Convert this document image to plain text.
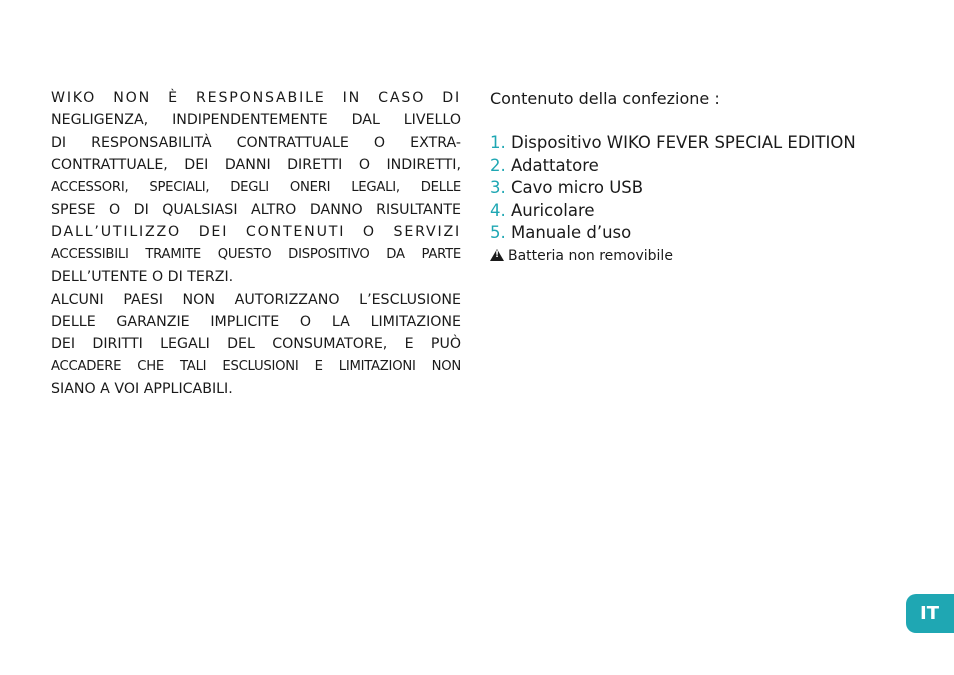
WIKO NON È RESPONSABILE IN CASO DI
NEGLIGENZA, INDIPENDENTEMENTE DAL LIVELLO
DI RESPONSABILITÀ CONTRATTUALE O EXTRA-
CONTRATTUALE, DEI DANNI DIRETTI O INDIRETTI,
ACCESSORI, SPECIALI, DEGLI ONERI LEGALI, DELLE
SPESE O DI QUALSIASI ALTRO DANNO RISULTANTE
DALL’UTILIZZO DEI CONTENUTI O SERVIZI
ACCESSIBILI TRAMITE QUESTO DISPOSITIVO DA PARTE
DELL’UTENTE O DI TERZI.
ALCUNI PAESI NON AUTORIZZANO L’ESCLUSIONE
DELLE GARANZIE IMPLICITE O LA LIMITAZIONE
DEI DIRITTI LEGALI DEL CONSUMATORE, E PUÒ
ACCADERE CHE TALI ESCLUSIONI E LIMITAZIONI NON
SIANO A VOI APPLICABILI.
Contenuto della confezione :
1. Dispositivo WIKO FEVER SPECIAL EDITION
2. Adattatore
3. Cavo micro USB
4. Auricolare
5. Manuale d’uso
!Batteria non removibile
IT
